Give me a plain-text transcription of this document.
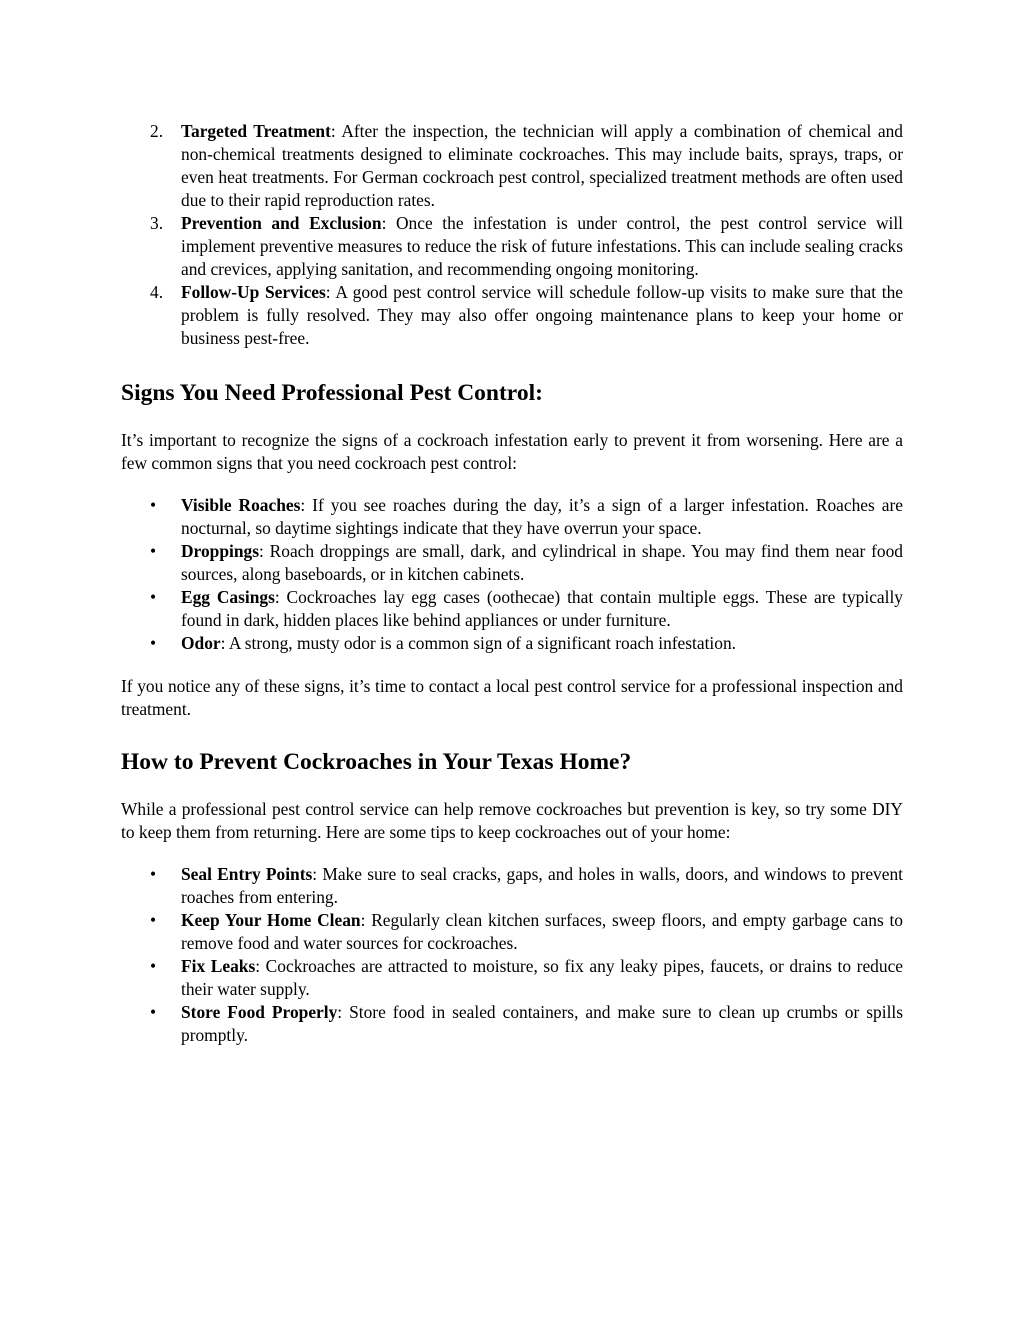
2. Targeted Treatment: After the inspection, the technician will apply a combination of chemical and non-chemical treatments designed to eliminate cockroaches. This may include baits, sprays, traps, or even heat treatments. For German cockroach pest control, specialized treatment methods are often used due to their rapid reproduction rates.
3. Prevention and Exclusion: Once the infestation is under control, the pest control service will implement preventive measures to reduce the risk of future infestations. This can include sealing cracks and crevices, applying sanitation, and recommending ongoing monitoring.
4. Follow-Up Services: A good pest control service will schedule follow-up visits to make sure that the problem is fully resolved. They may also offer ongoing maintenance plans to keep your home or business pest-free.
Signs You Need Professional Pest Control:

It’s important to recognize the signs of a cockroach infestation early to prevent it from worsening. Here are a few common signs that you need cockroach pest control:

• Visible Roaches: If you see roaches during the day, it’s a sign of a larger infestation. Roaches are nocturnal, so daytime sightings indicate that they have overrun your space.
• Droppings: Roach droppings are small, dark, and cylindrical in shape. You may find them near food sources, along baseboards, or in kitchen cabinets.
• Egg Casings: Cockroaches lay egg cases (oothecae) that contain multiple eggs. These are typically found in dark, hidden places like behind appliances or under furniture.
• Odor: A strong, musty odor is a common sign of a significant roach infestation.

If you notice any of these signs, it’s time to contact a local pest control service for a professional inspection and treatment.

How to Prevent Cockroaches in Your Texas Home?

While a professional pest control service can help remove cockroaches but prevention is key, so try some DIY to keep them from returning. Here are some tips to keep cockroaches out of your home:

• Seal Entry Points: Make sure to seal cracks, gaps, and holes in walls, doors, and windows to prevent roaches from entering.
• Keep Your Home Clean: Regularly clean kitchen surfaces, sweep floors, and empty garbage cans to remove food and water sources for cockroaches.
• Fix Leaks: Cockroaches are attracted to moisture, so fix any leaky pipes, faucets, or drains to reduce their water supply.
• Store Food Properly: Store food in sealed containers, and make sure to clean up crumbs or spills promptly.
